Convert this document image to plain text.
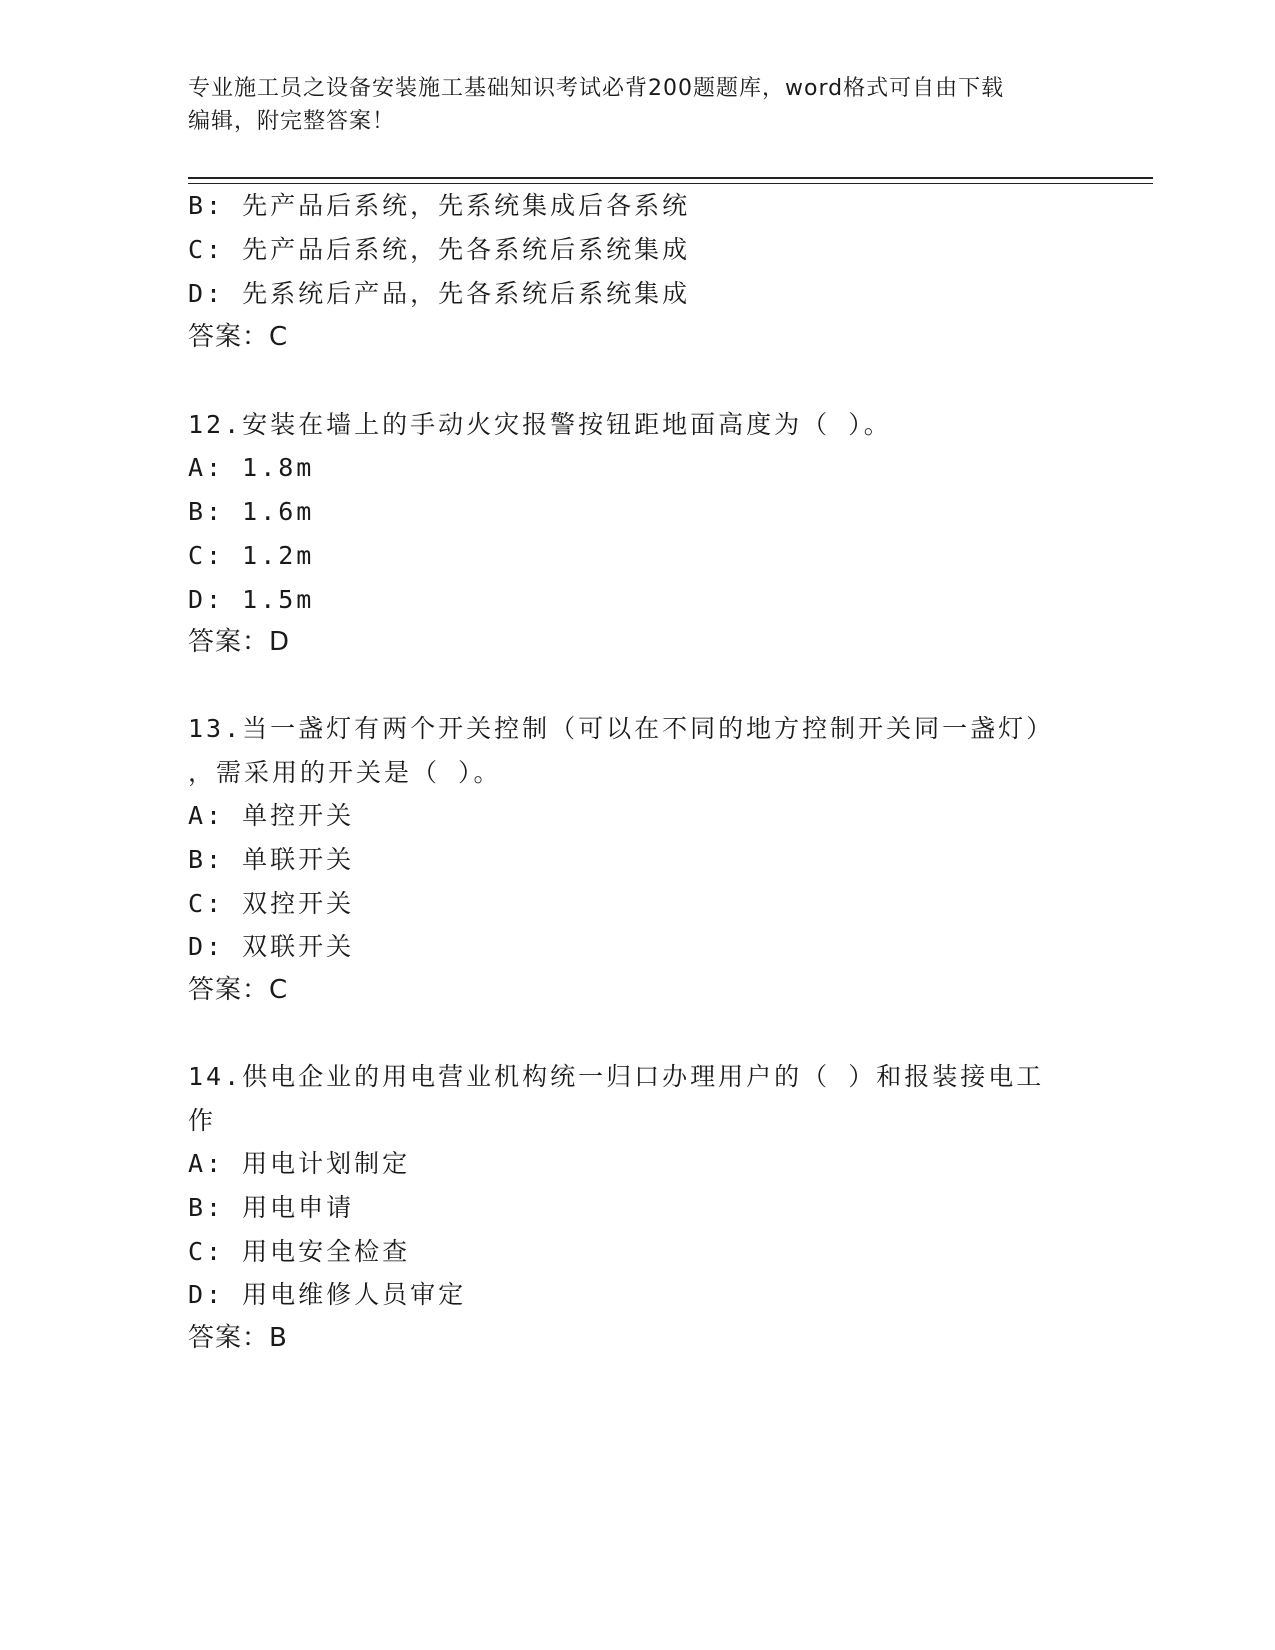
专业施工员之设备安装施工基础知识考试必背200题题库，word格式可自由下载
编辑，附完整答案！
B: 先产品后系统，先系统集成后各系统
C: 先产品后系统，先各系统后系统集成
D: 先系统后产品，先各系统后系统集成
答案：C
12.安装在墙上的手动火灾报警按钮距地面高度为（ ）。
A: 1.8m
B: 1.6m
C: 1.2m
D: 1.5m
答案：D
13.当一盏灯有两个开关控制（可以在不同的地方控制开关同一盏灯）
，需采用的开关是（ ）。
A: 单控开关
B: 单联开关
C: 双控开关
D: 双联开关
答案：C
14.供电企业的用电营业机构统一归口办理用户的（ ）和报装接电工
作
A: 用电计划制定
B: 用电申请
C: 用电安全检查
D: 用电维修人员审定
答案：B
